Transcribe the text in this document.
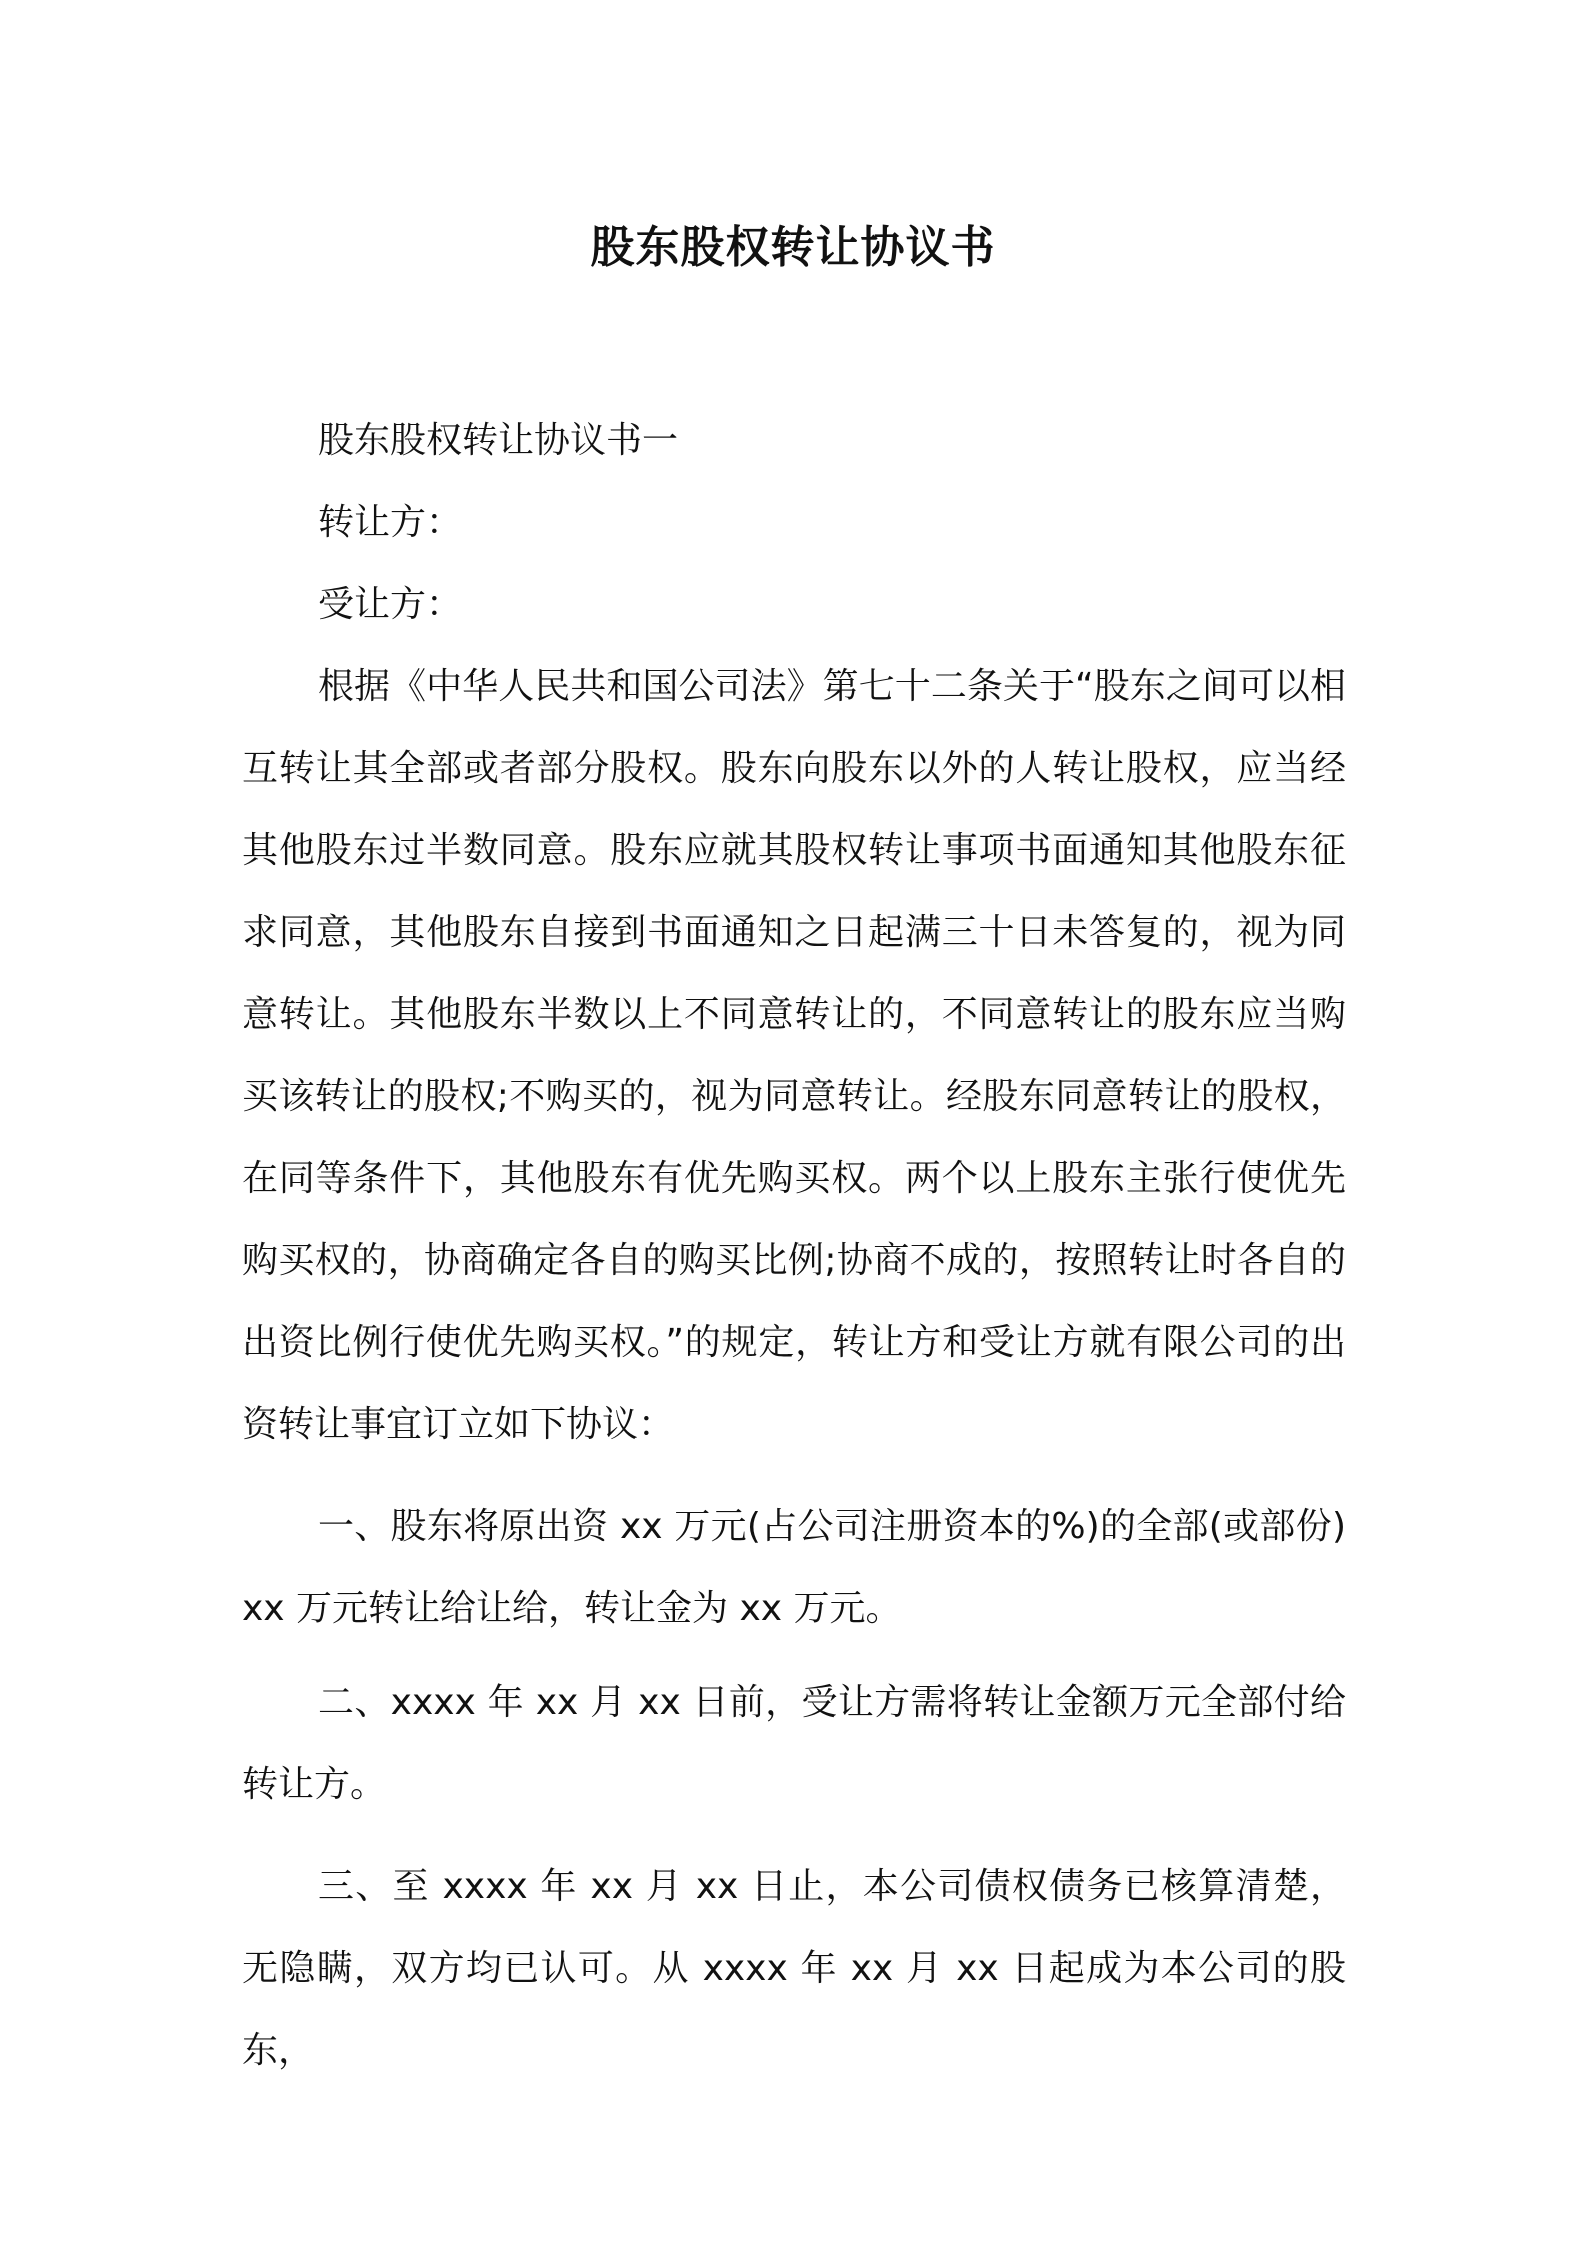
股东股权转让协议书

股东股权转让协议书一

转让方：

受让方：

根据《中华人民共和国公司法》第七十二条关于“股东之间可以相互转让其全部或者部分股权。股东向股东以外的人转让股权，应当经其他股东过半数同意。股东应就其股权转让事项书面通知其他股东征求同意，其他股东自接到书面通知之日起满三十日未答复的，视为同意转让。其他股东半数以上不同意转让的，不同意转让的股东应当购买该转让的股权;不购买的，视为同意转让。经股东同意转让的股权，在同等条件下，其他股东有优先购买权。两个以上股东主张行使优先购买权的，协商确定各自的购买比例;协商不成的，按照转让时各自的出资比例行使优先购买权。”的规定，转让方和受让方就有限公司的出资转让事宜订立如下协议：

一、股东将原出资 xx 万元(占公司注册资本的%)的全部(或部份)xx 万元转让给让给，转让金为 xx 万元。

二、xxxx 年 xx 月 xx 日前，受让方需将转让金额万元全部付给转让方。

三、至 xxxx 年 xx 月 xx 日止，本公司债权债务已核算清楚，无隐瞒，双方均已认可。从 xxxx 年 xx 月 xx 日起成为本公司的股东，
